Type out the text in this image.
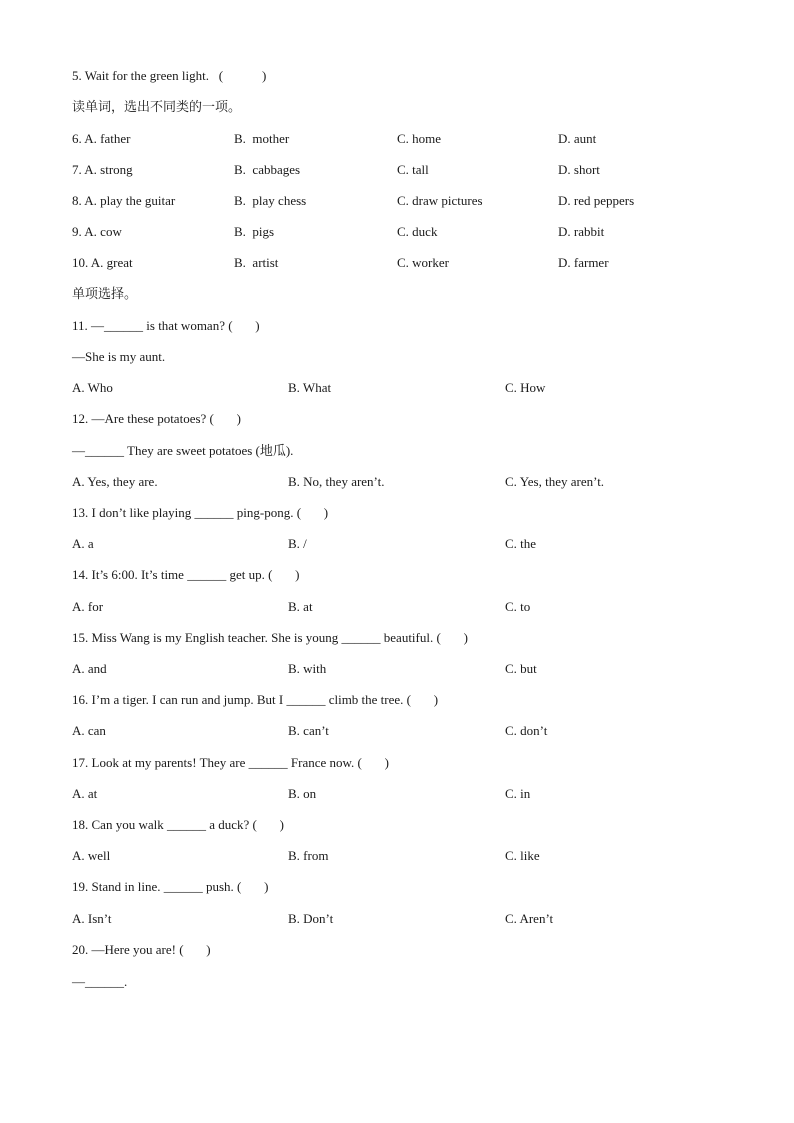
5. Wait for the green light.   (            )
读单词，选出不同类的一项。
6. A. father	B.  mother	C. home	D. aunt
7. A. strong	B.  cabbages	C. tall	D. short
8. A. play the guitar	B.  play chess	C. draw pictures	D. red peppers
9. A. cow	B.  pigs	C. duck	D. rabbit
10. A. great	B.  artist	C. worker	D. farmer
单项选择。
11. —______ is that woman? (       )
—She is my aunt.
A. Who	B. What	C. How
12. —Are these potatoes? (       )
—______ They are sweet potatoes (地瓜).
A. Yes, they are.	B. No, they aren’t.	C. Yes, they aren’t.
13. I don’t like playing ______ ping-pong. (       )
A. a	B. /	C. the
14. It’s 6:00. It’s time ______ get up. (       )
A. for	B. at	C. to
15. Miss Wang is my English teacher. She is young ______ beautiful. (       )
A. and	B. with	C. but
16. I’m a tiger. I can run and jump. But I ______ climb the tree. (       )
A. can	B. can’t	C. don’t
17. Look at my parents! They are ______ France now. (       )
A. at	B. on	C. in
18. Can you walk ______ a duck? (       )
A. well	B. from	C. like
19. Stand in line. ______ push. (       )
A. Isn’t	B. Don’t	C. Aren’t
20. —Here you are! (       )
—______.
